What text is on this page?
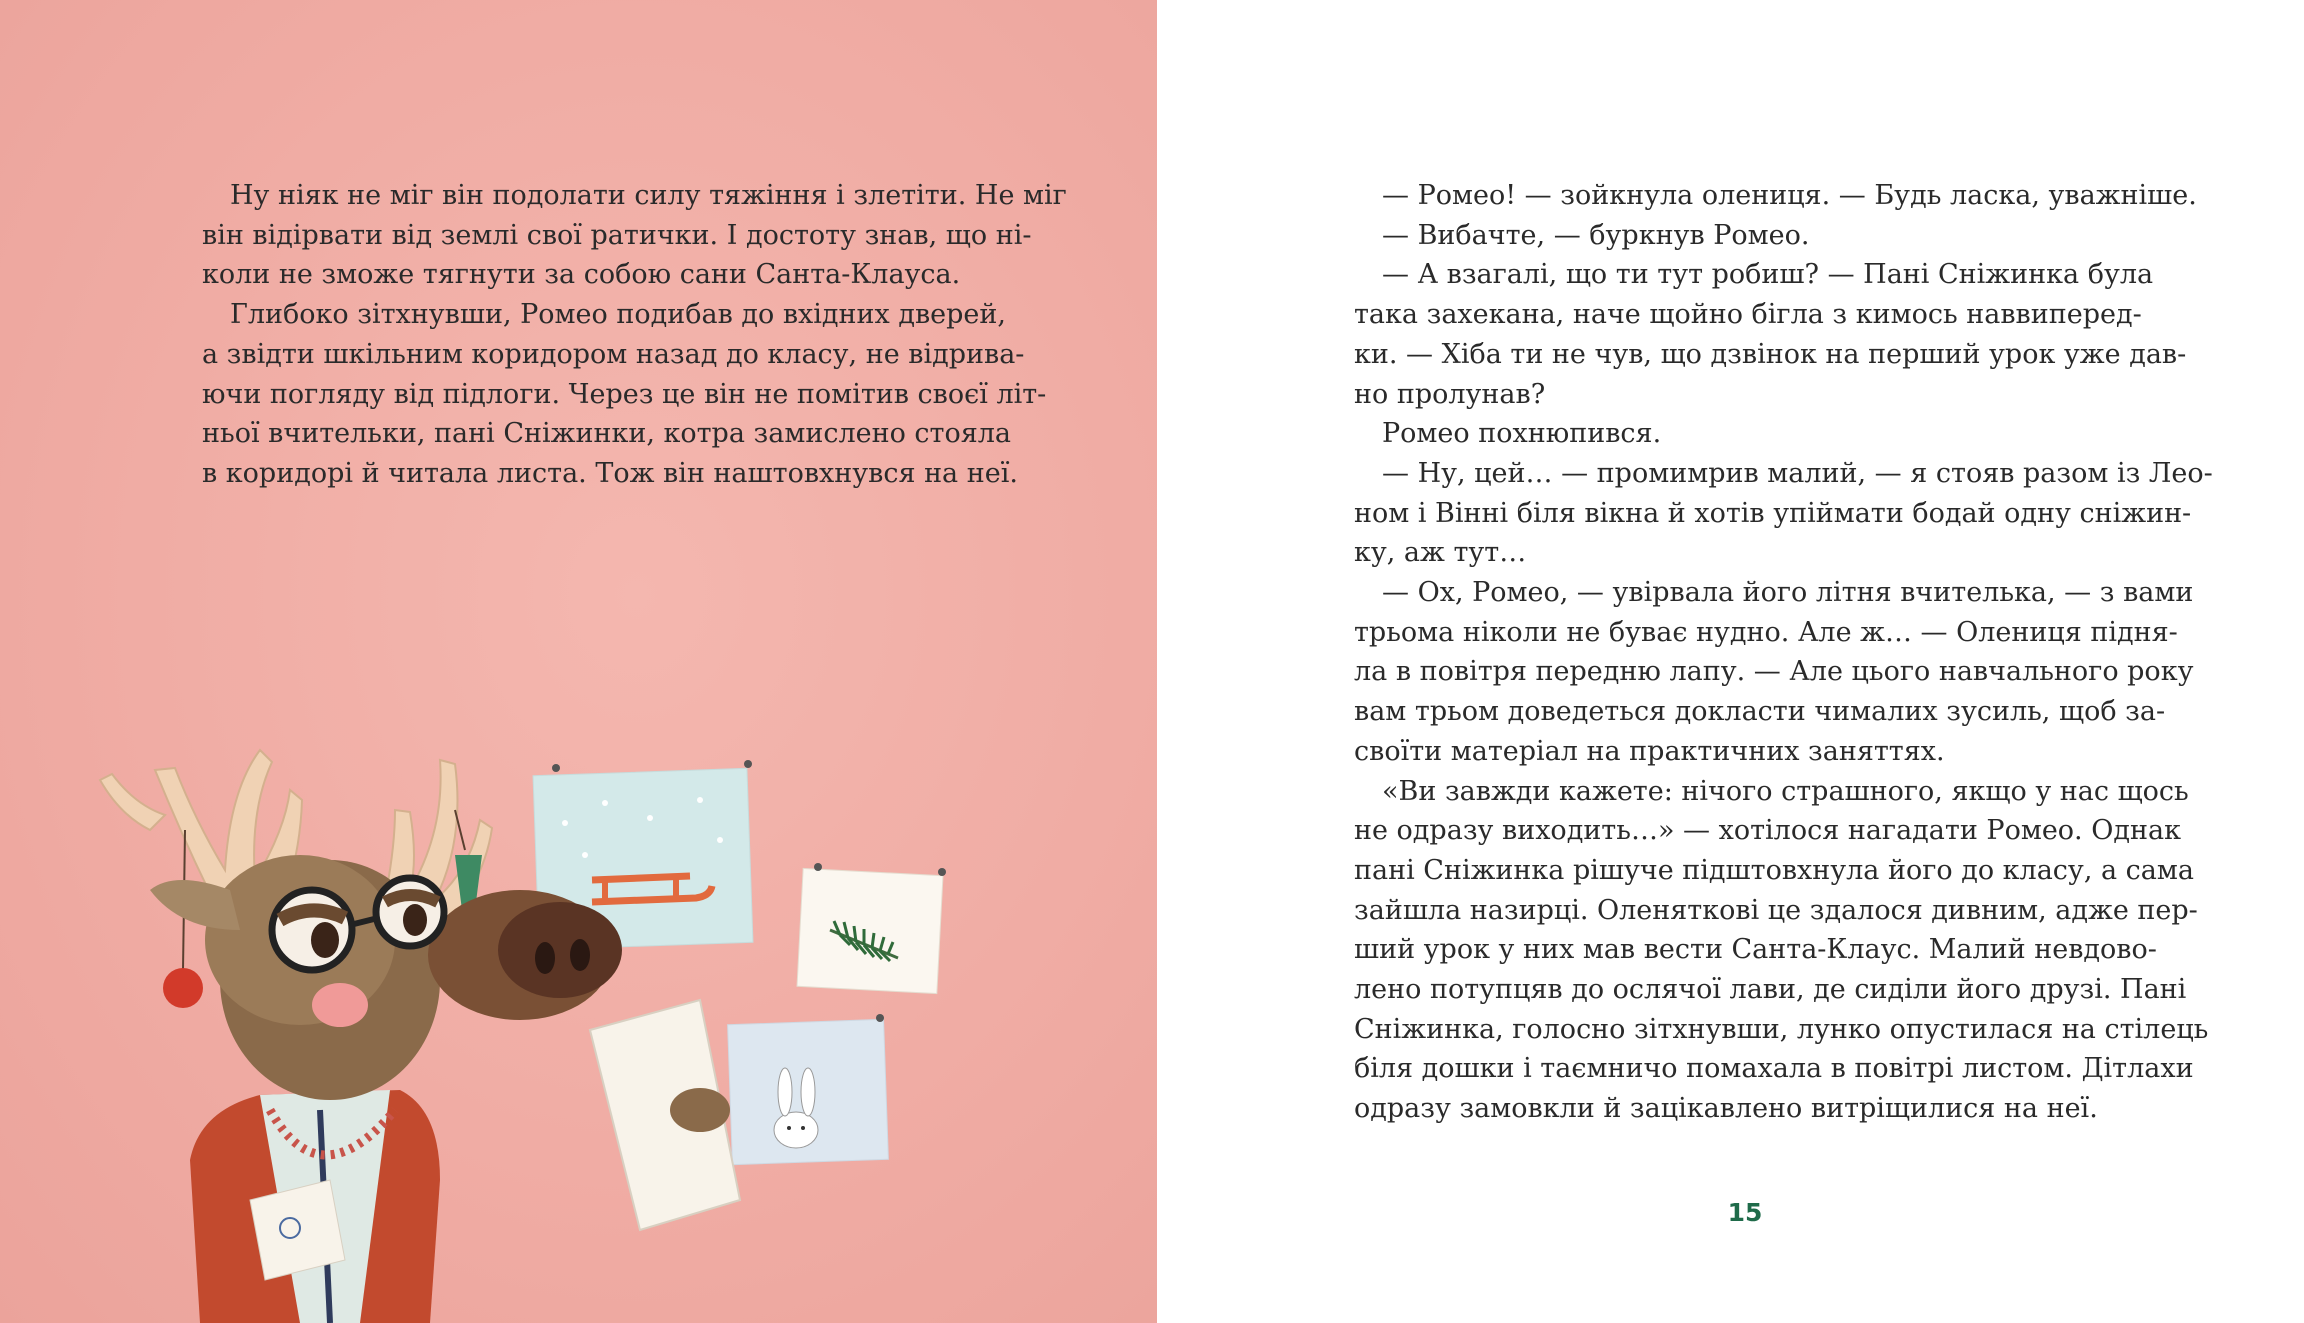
Ну ніяк не міг він подолати силу тяжіння і злетіти. Не міг
він відірвати від землі свої ратички. І достоту знав, що ні-
коли не зможе тягнути за собою сани Санта-Клауса.
Глибоко зітхнувши, Ромео подибав до вхідних дверей,
а звідти шкільним коридором назад до класу, не відрива-
ючи погляду від підлоги. Через це він не помітив своєї літ-
ньої вчительки, пані Сніжинки, котра замислено стояла
в коридорі й читала листа. Тож він наштовхнувся на неї.
— Ромео! — зойкнула олениця. — Будь ласка, уважніше.
— Вибачте, — буркнув Ромео.
— А взагалі, що ти тут робиш? — Пані Сніжинка була
така захекана, наче щойно бігла з кимось наввиперед-
ки. — Хіба ти не чув, що дзвінок на перший урок уже дав-
но пролунав?
Ромео похнюпився.
— Ну, цей… — промимрив малий, — я стояв разом із Лео-
ном і Вінні біля вікна й хотів упіймати бодай одну сніжин-
ку, аж тут…
— Ох, Ромео, — увірвала його літня вчителька, — з вами
трьома ніколи не буває нудно. Але ж… — Олениця підня-
ла в повітря передню лапу. — Але цього навчального року
вам трьом доведеться докласти чималих зусиль, щоб за-
своїти матеріал на практичних заняттях.
«Ви завжди кажете: нічого страшного, якщо у нас щось
не одразу виходить…» — хотілося нагадати Ромео. Однак
пані Сніжинка рішуче підштовхнула його до класу, а сама
зайшла назирці. Оленяткові це здалося дивним, адже пер-
ший урок у них мав вести Санта-Клаус. Малий невдово-
лено потупцяв до ослячої лави, де сиділи його друзі. Пані
Сніжинка, голосно зітхнувши, лунко опустилася на стілець
біля дошки і таємничо помахала в повітрі листом. Дітлахи
одразу замовкли й зацікавлено витріщилися на неї.
15
